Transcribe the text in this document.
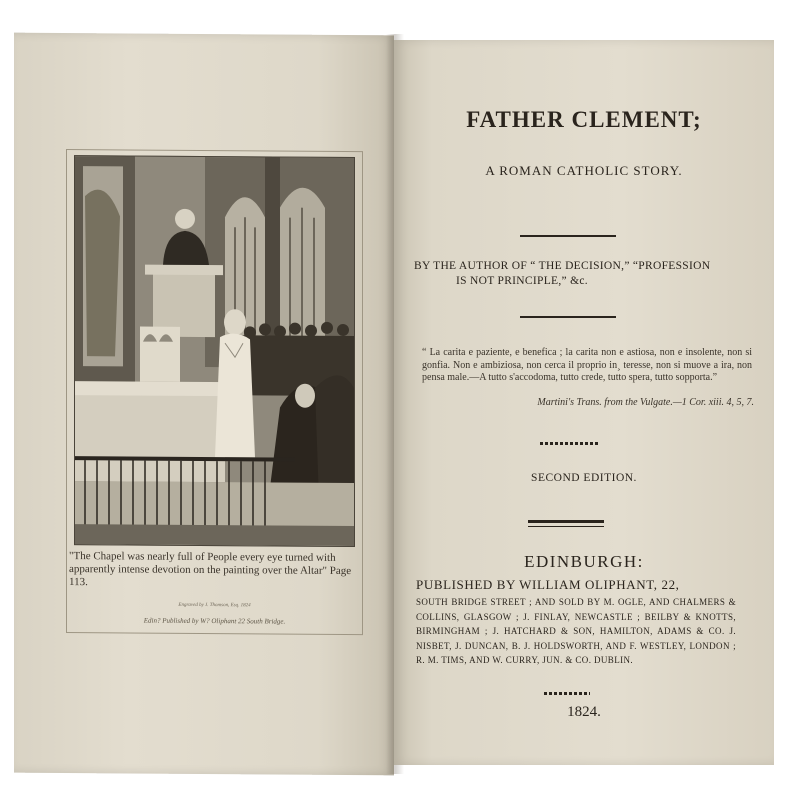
"The Chapel was nearly full of People every eye turned with apparently intense devotion on the painting over the Altar" Page 113.
Engraved by J. Thomson, Esq. 1824
Edin? Published by W? Oliphant 22 South Bridge.
FATHER CLEMENT;
A ROMAN CATHOLIC STORY.
BY THE AUTHOR OF “ THE DECISION,” “PROFESSION
IS NOT PRINCIPLE,” &c.
“ La carita e paziente, e benefica ; la carita non e astiosa, non e insolente, non si gonfia. Non e ambiziosa, non cerca il proprio in¸ teresse, non si muove a ira, non pensa male.—A tutto s'accodoma, tutto crede, tutto spera, tutto sopporta.”
Martini's Trans. from the Vulgate.—1 Cor. xiii. 4, 5, 7.
SECOND EDITION.
EDINBURGH:
PUBLISHED BY WILLIAM OLIPHANT, 22,
SOUTH BRIDGE STREET ; AND SOLD BY M. OGLE, AND CHALMERS & COLLINS, GLASGOW ; J. FINLAY, NEWCASTLE ; BEILBY & KNOTTS, BIRMINGHAM ; J. HATCHARD & SON, HAMILTON, ADAMS & CO. J. NISBET, J. DUNCAN, B. J. HOLDSWORTH, AND F. WESTLEY, LONDON ; R. M. TIMS, AND W. CURRY, JUN. & CO. DUBLIN.
1824.
